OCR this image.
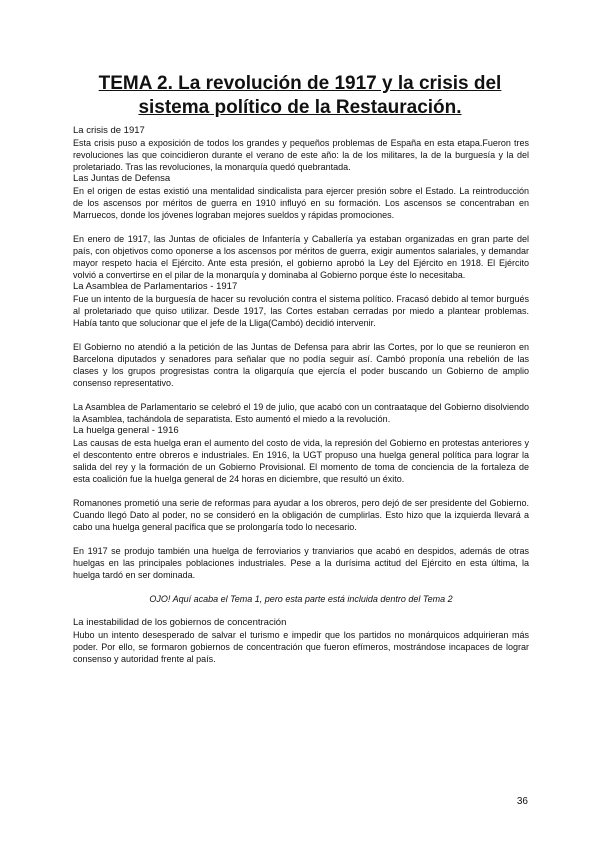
TEMA 2. La revolución de 1917 y la crisis del sistema político de la Restauración.
La crisis de 1917

Esta crisis puso a exposición de todos los grandes y pequeños problemas de España en esta etapa.Fueron tres revoluciones las que coincidieron durante el verano de este año: la de los militares, la de la burguesía y la del proletariado. Tras las revoluciones, la monarquía quedó quebrantada.

Las Juntas de Defensa

En el origen de estas existió una mentalidad sindicalista para ejercer presión sobre el Estado. La reintroducción de los ascensos por méritos de guerra en 1910 influyó en su formación. Los ascensos se concentraban en Marruecos, donde los jóvenes lograban mejores sueldos y rápidas promociones.

En enero de 1917, las Juntas de oficiales de Infantería y Caballería ya estaban organizadas en gran parte del país, con objetivos como oponerse a los ascensos por méritos de guerra, exigir aumentos salariales, y demandar mayor respeto hacia el Ejército. Ante esta presión, el gobierno aprobó la Ley del Ejército en 1918. El Ejército volvió a convertirse en el pilar de la monarquía y dominaba al Gobierno porque éste lo necesitaba.

La Asamblea de Parlamentarios - 1917

Fue un intento de la burguesía de hacer su revolución contra el sistema político. Fracasó debido al temor burgués al proletariado que quiso utilizar. Desde 1917, las Cortes estaban cerradas por miedo a plantear problemas. Había tanto que solucionar que el jefe de la Lliga(Cambó) decidió intervenir.

El Gobierno no atendió a la petición de las Juntas de Defensa para abrir las Cortes, por lo que se reunieron en Barcelona diputados y senadores para señalar que no podía seguir así. Cambó proponía una rebelión de las clases y los grupos progresistas contra la oligarquía que ejercía el poder buscando un Gobierno de amplio consenso representativo.

La Asamblea de Parlamentario se celebró el 19 de julio, que acabó con un contraataque del Gobierno disolviendo la Asamblea, tachándola de separatista. Esto aumentó el miedo a la revolución.

La huelga general - 1916

Las causas de esta huelga eran el aumento del costo de vida, la represión del Gobierno en protestas anteriores y el descontento entre obreros e industriales. En 1916, la UGT propuso una huelga general política para lograr la salida del rey y la formación de un Gobierno Provisional. El momento de toma de conciencia de la fortaleza de esta coalición fue la huelga general de 24 horas en diciembre, que resultó un éxito.

Romanones prometió una serie de reformas para ayudar a los obreros, pero dejó de ser presidente del Gobierno. Cuando llegó Dato al poder, no se consideró en la obligación de cumplirlas. Esto hizo que la izquierda llevará a cabo una huelga general pacífica que se prolongaría todo lo necesario.

En 1917 se produjo también una huelga de ferroviarios y tranviarios que acabó en despidos, además de otras huelgas en las principales poblaciones industriales. Pese a la durísima actitud del Ejército en esta última, la huelga tardó en ser dominada.

OJO! Aquí acaba el Tema 1, pero esta parte está incluida dentro del Tema 2

La inestabilidad de los gobiernos de concentración

Hubo un intento desesperado de salvar el turismo e impedir que los partidos no monárquicos adquirieran más poder. Por ello, se formaron gobiernos de concentración que fueron efímeros, mostrándose incapaces de lograr consenso y autoridad frente al país.

36
